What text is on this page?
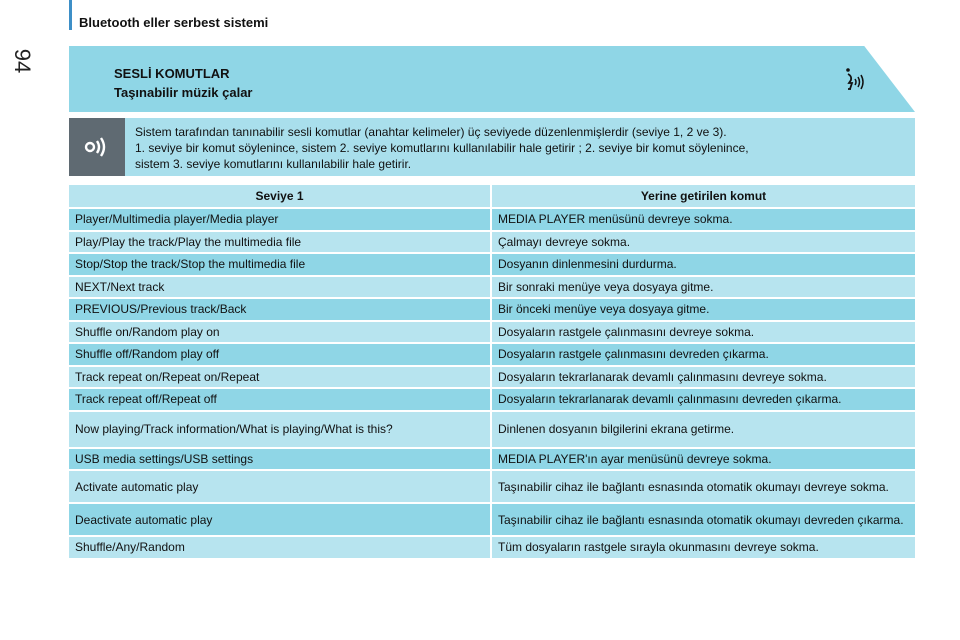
94
Bluetooth eller serbest sistemi
SESLİ KOMUTLAR
Taşınabilir müzik çalar
Sistem tarafından tanınabilir sesli komutlar (anahtar kelimeler) üç seviyede düzenlenmişlerdir (seviye 1, 2 ve 3).
1. seviye bir komut söylenince, sistem 2. seviye komutlarını kullanılabilir hale getirir ; 2. seviye bir komut söylenince,
sistem 3. seviye komutlarını kullanılabilir hale getirir.
Seviye 1	Yerine getirilen komut
Player/Multimedia player/Media player	MEDIA PLAYER menüsünü devreye sokma.
Play/Play the track/Play the multimedia file	Çalmayı devreye sokma.
Stop/Stop the track/Stop the multimedia file	Dosyanın dinlenmesini durdurma.
NEXT/Next track	Bir sonraki menüye veya dosyaya gitme.
PREVIOUS/Previous track/Back	Bir önceki menüye veya dosyaya gitme.
Shuffle on/Random play on	Dosyaların rastgele çalınmasını devreye sokma.
Shuffle off/Random play off	Dosyaların rastgele çalınmasını devreden çıkarma.
Track repeat on/Repeat on/Repeat	Dosyaların tekrarlanarak devamlı çalınmasını devreye sokma.
Track repeat off/Repeat off	Dosyaların tekrarlanarak devamlı çalınmasını devreden çıkarma.
Now playing/Track information/What is playing/What is this?	Dinlenen dosyanın bilgilerini ekrana getirme.
USB media settings/USB settings	MEDIA PLAYER'ın ayar menüsünü devreye sokma.
Activate automatic play	Taşınabilir cihaz ile bağlantı esnasında otomatik okumayı devreye sokma.
Deactivate automatic play	Taşınabilir cihaz ile bağlantı esnasında otomatik okumayı devreden çıkarma.
Shuffle/Any/Random	Tüm dosyaların rastgele sırayla okunmasını devreye sokma.
